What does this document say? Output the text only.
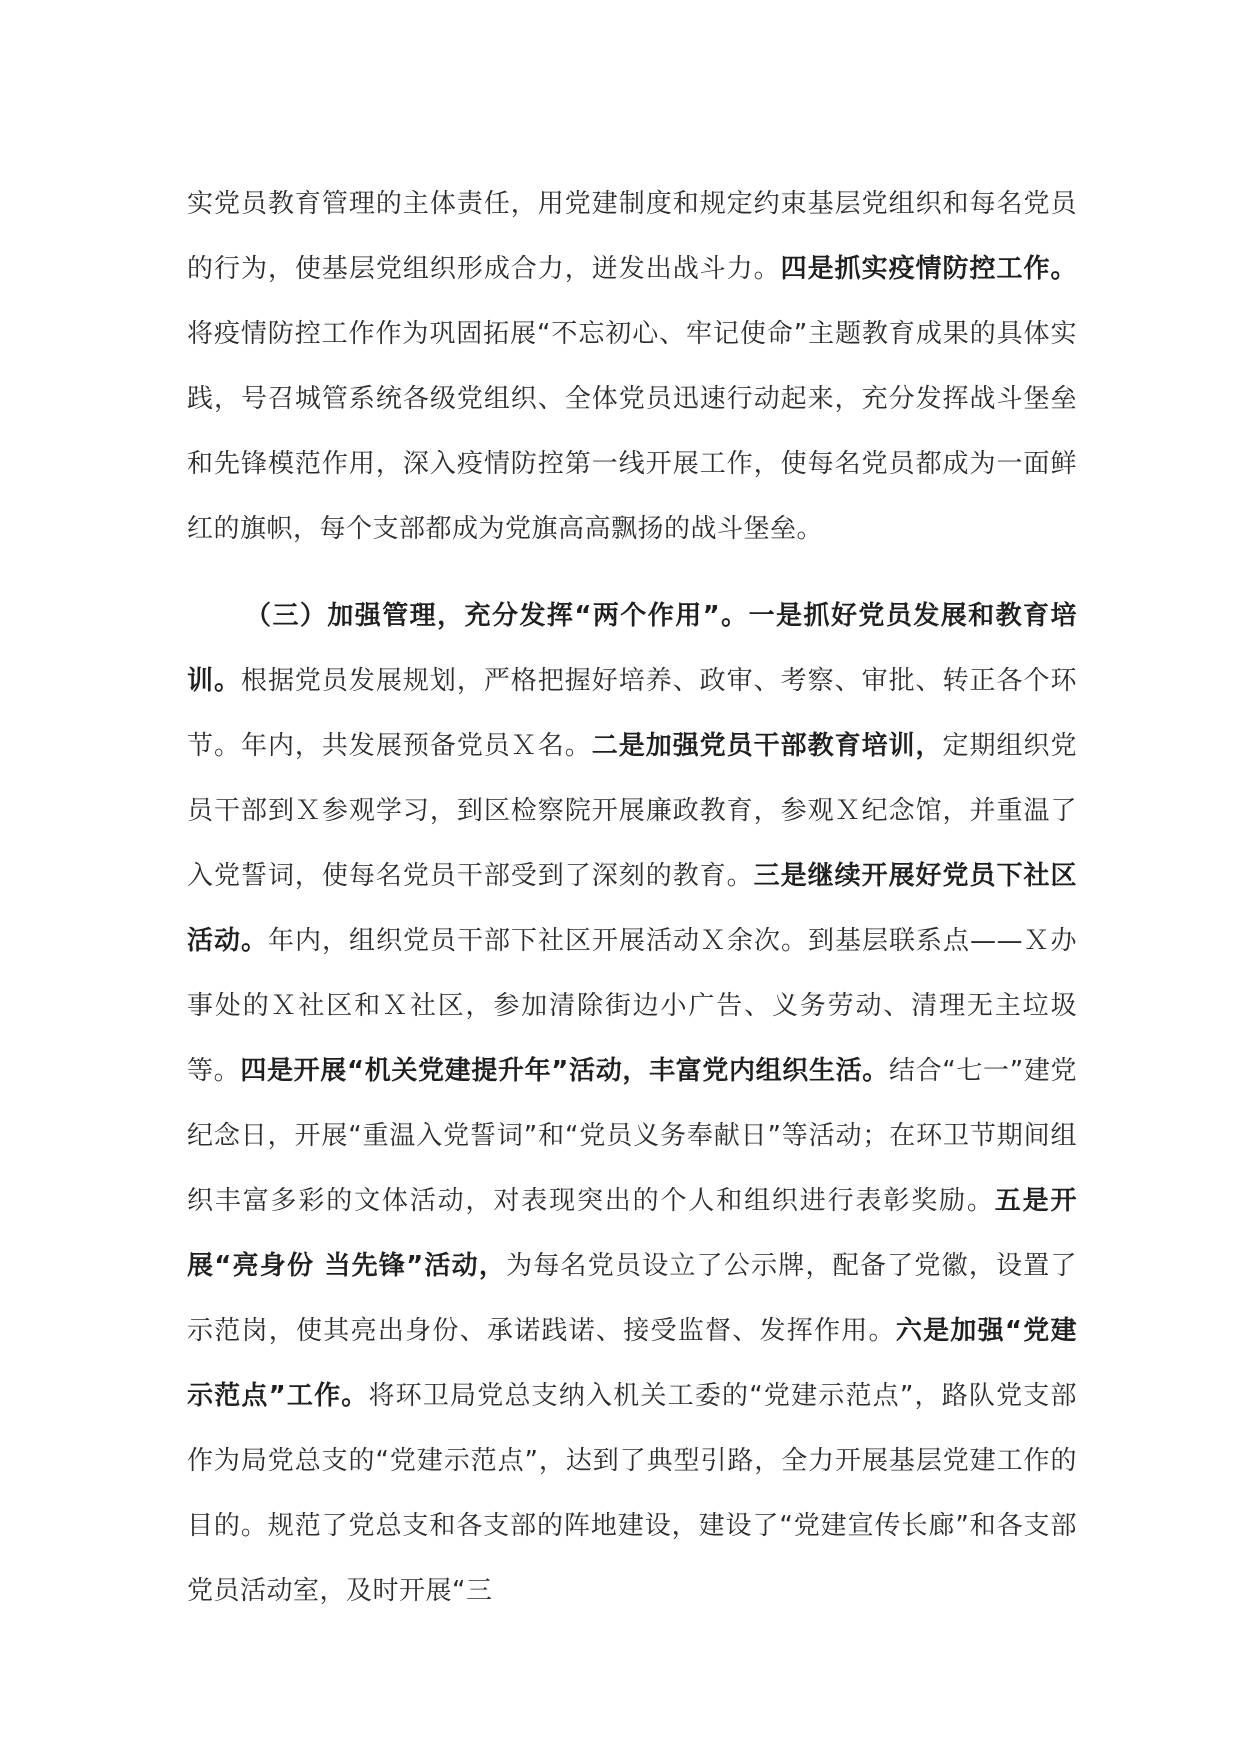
实党员教育管理的主体责任，用党建制度和规定约束基层党组织和每名党员的行为，使基层党组织形成合力，迸发出战斗力。四是抓实疫情防控工作。将疫情防控工作作为巩固拓展“不忘初心、牢记使命”主题教育成果的具体实践，号召城管系统各级党组织、全体党员迅速行动起来，充分发挥战斗堡垒和先锋模范作用，深入疫情防控第一线开展工作，使每名党员都成为一面鲜红的旗帜，每个支部都成为党旗高高飘扬的战斗堡垒。

（三）加强管理，充分发挥“两个作用”。一是抓好党员发展和教育培训。根据党员发展规划，严格把握好培养、政审、考察、审批、转正各个环节。年内，共发展预备党员Ｘ名。二是加强党员干部教育培训，定期组织党员干部到Ｘ参观学习，到区检察院开展廉政教育，参观Ｘ纪念馆，并重温了入党誓词，使每名党员干部受到了深刻的教育。三是继续开展好党员下社区活动。年内，组织党员干部下社区开展活动Ｘ余次。到基层联系点——Ｘ办事处的Ｘ社区和Ｘ社区，参加清除街边小广告、义务劳动、清理无主垃圾等。四是开展“机关党建提升年”活动，丰富党内组织生活。结合“七一”建党纪念日，开展“重温入党誓词”和“党员义务奉献日”等活动；在环卫节期间组织丰富多彩的文体活动，对表现突出的个人和组织进行表彰奖励。五是开展“亮身份 当先锋”活动，为每名党员设立了公示牌，配备了党徽，设置了示范岗，使其亮出身份、承诺践诺、接受监督、发挥作用。六是加强“党建示范点”工作。将环卫局党总支纳入机关工委的“党建示范点”，路队党支部作为局党总支的“党建示范点”，达到了典型引路，全力开展基层党建工作的目的。规范了党总支和各支部的阵地建设，建设了“党建宣传长廊”和各支部党员活动室，及时开展“三
